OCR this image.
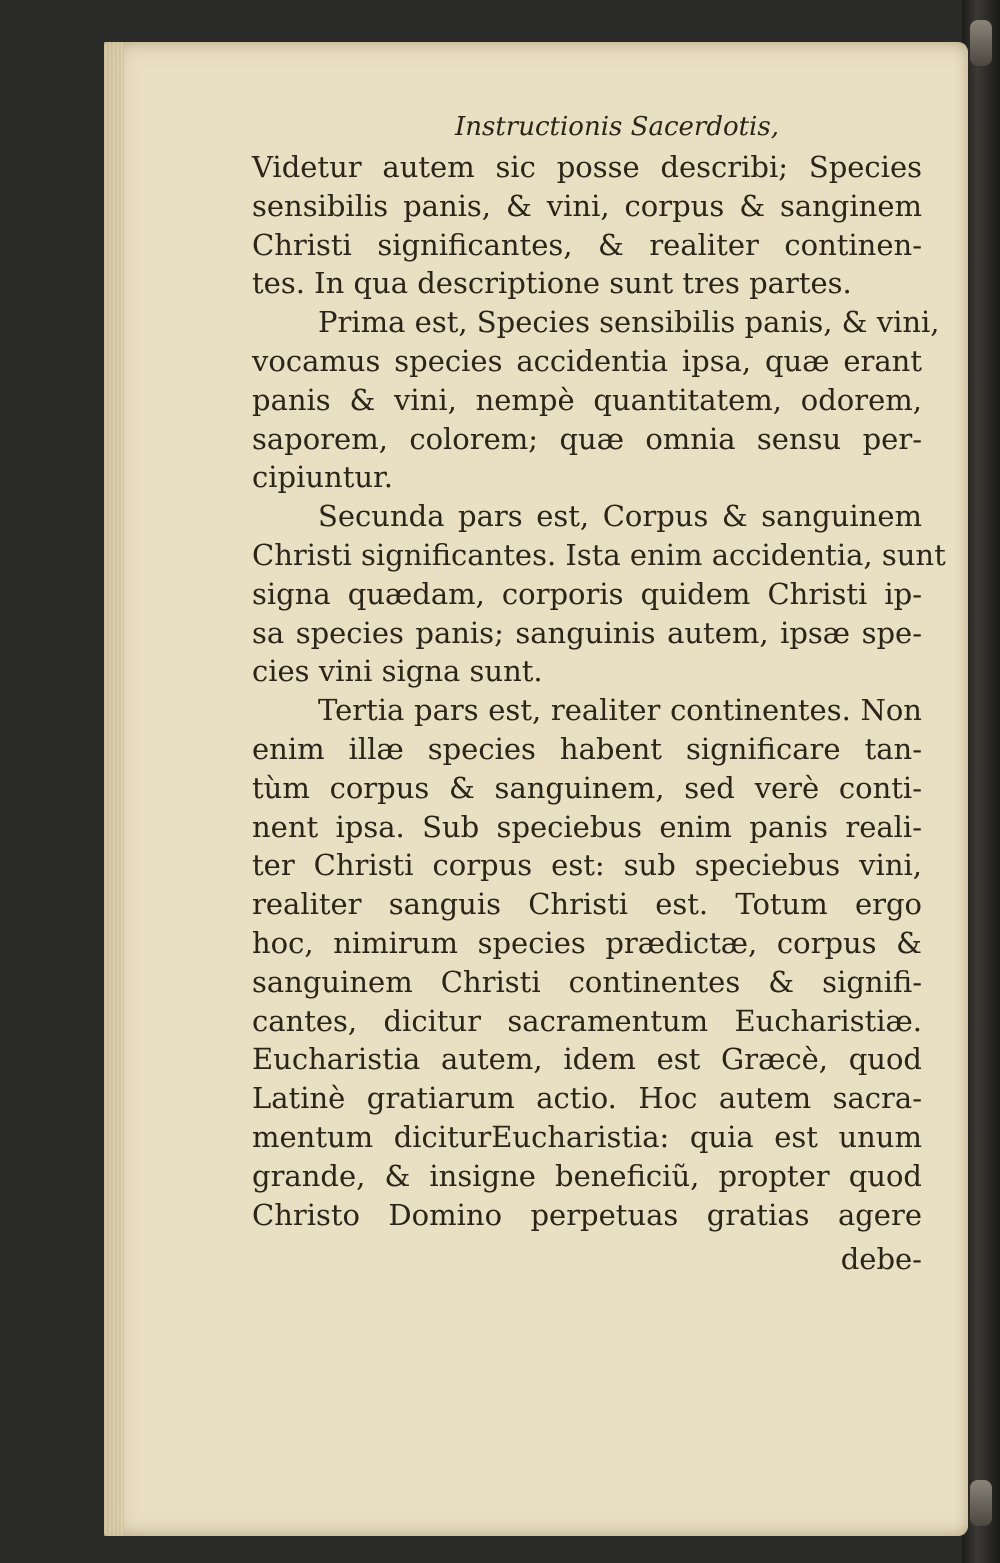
Instructionis Sacerdotis,
Videtur autem sic posse describi; Species
sensibilis panis, & vini, corpus & sanginem
Christi significantes, & realiter continen-
tes. In qua descriptione sunt tres partes.
Prima est, Species sensibilis panis, & vini,
vocamus species accidentia ipsa, quæ erant
panis & vini, nempè quantitatem, odorem,
saporem, colorem; quæ omnia sensu per-
cipiuntur.
Secunda pars est, Corpus & sanguinem
Christi significantes. Ista enim accidentia, sunt
signa quædam, corporis quidem Christi ip-
sa species panis; sanguinis autem, ipsæ spe-
cies vini signa sunt.
Tertia pars est, realiter continentes. Non
enim illæ species habent significare tan-
tùm corpus & sanguinem, sed verè conti-
nent ipsa. Sub speciebus enim panis reali-
ter Christi corpus est: sub speciebus vini,
realiter sanguis Christi est. Totum ergo
hoc, nimirum species prædictæ, corpus &
sanguinem Christi continentes & signifi-
cantes, dicitur sacramentum Eucharistiæ.
Eucharistia autem, idem est Græcè, quod
Latinè gratiarum actio. Hoc autem sacra-
mentum diciturEucharistia: quia est unum
grande, & insigne beneficiũ, propter quod
Christo Domino perpetuas gratias agere
debe-
